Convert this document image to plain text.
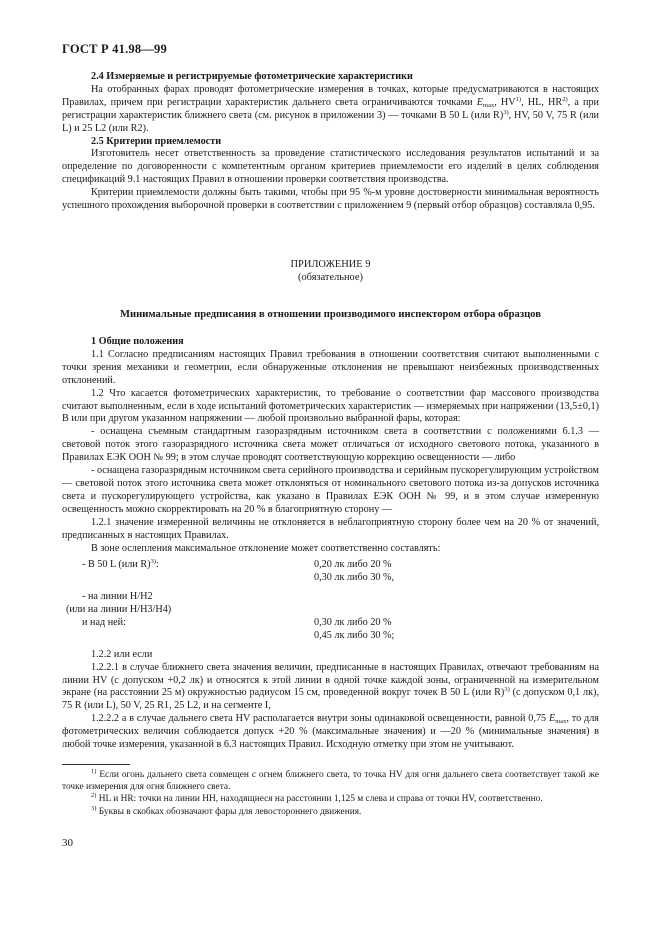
ГОСТ Р 41.98—99

2.4 Измеряемые и регистрируемые фотометрические характеристики

На отобранных фарах проводят фотометрические измерения в точках, которые предусматриваются в настоящих Правилах, причем при регистрации характеристик дальнего света ограничиваются точками $E_{max}$, HV$^{1)}$, HL, HR$^{2)}$, а при регистрации характеристик ближнего света (см. рисунок в приложении 3) — точками B 50 L (или R)$^{3)}$, HV, 50 V, 75 R (или L) и 25 L2 (или R2).

2.5 Критерии приемлемости

Изготовитель несет ответственность за проведение статистического исследования результатов испытаний и за определение по договоренности с компетентным органом критериев приемлемости его изделий в целях соблюдения спецификаций 9.1 настоящих Правил в отношении проверки соответствия производства.

Критерии приемлемости должны быть такими, чтобы при 95 %-м уровне достоверности минимальная вероятность успешного прохождения выборочной проверки в соответствии с приложением 9 (первый отбор образцов) составляла 0,95.

ПРИЛОЖЕНИЕ 9
(обязательное)
Минимальные предписания в отношении производимого инспектором отбора образцов

1 Общие положения

1.1 Согласно предписаниям настоящих Правил требования в отношении соответствия считают выполненными с точки зрения механики и геометрии, если обнаруженные отклонения не превышают неизбежных производственных отклонений.

1.2 Что касается фотометрических характеристик, то требование о соответствии фар массового производства считают выполненным, если в ходе испытаний фотометрических характеристик — измеряемых при напряжении (13,5±0,1) В или при другом указанном напряжении — любой произвольно выбранной фары, которая:

- оснащена съемным стандартным газоразрядным источником света в соответствии с положениями 6.1.3 — световой поток этого газоразрядного источника света может отличаться от исходного светового потока, указанного в Правилах ЕЭК ООН № 99; в этом случае проводят соответствующую коррекцию освещенности — либо

- оснащена газоразрядным источником света серийного производства и серийным пускорегулирующим устройством — световой поток этого источника света может отклоняться от номинального светового потока из-за допусков источника света и пускорегулирующего устройства, как указано в Правилах ЕЭК ООН № 99, и в этом случае измеренную освещенность можно скорректировать на 20 % в благоприятную сторону —

1.2.1 значение измеренной величины не отклоняется в неблагоприятную сторону более чем на 20 % от значений, предписанных в настоящих Правилах.

В зоне ослепления максимальное отклонение может соответственно составлять:

- B 50 L (или R)$^{3)}$:	0,20 лк либо 20 %
0,30 лк либо 30 %,
- на линии H/H2
(или на линии H/H3/H4)
и над ней:	0,30 лк либо 20 %
0,45 лк либо 30 %;

1.2.2 или если

1.2.2.1 в случае ближнего света значения величин, предписанные в настоящих Правилах, отвечают требованиям на линии HV (с допуском +0,2 лк) и относятся к этой линии в одной точке каждой зоны, ограниченной на измерительном экране (на расстоянии 25 м) окружностью радиусом 15 см, проведенной вокруг точек B 50 L (или R)$^{3)}$ (с допуском 0,1 лк), 75 R (или L), 50 V, 25 R1, 25 L2, и на сегменте I,

1.2.2.2 а в случае дальнего света HV располагается внутри зоны одинаковой освещенности, равной 0,75 $E_{max}$, то для фотометрических величин соблюдается допуск +20 % (максимальные значения) и —20 % (минимальные значения) в любой точке измерения, указанной в 6.3 настоящих Правил. Исходную отметку при этом не учитывают.

$^{1)}$ Если огонь дальнего света совмещен с огнем ближнего света, то точка HV для огня дальнего света соответствует такой же точке измерения для огня ближнего света.

$^{2)}$ HL и HR: точки на линии HH, находящиеся на расстоянии 1,125 м слева и справа от точки HV, соответственно.

$^{3)}$ Буквы в скобках обозначают фары для левостороннего движения.

30
